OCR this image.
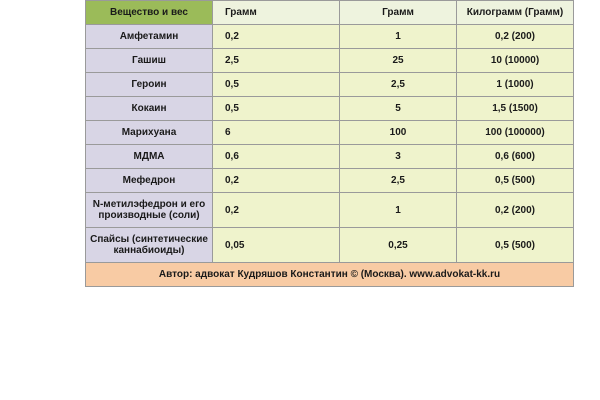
Вещество и вес	Грамм	Грамм	Килограмм (Грамм)
Амфетамин	0,2	1	0,2 (200)
Гашиш	2,5	25	10 (10000)
Героин	0,5	2,5	1 (1000)
Кокаин	0,5	5	1,5 (1500)
Марихуана	6	100	100 (100000)
МДМА	0,6	3	0,6 (600)
Мефедрон	0,2	2,5	0,5 (500)
N-метилэфедрон и его производные (соли)	0,2	1	0,2 (200)
Спайсы (синтетические каннабиоиды)	0,05	0,25	0,5 (500)
Автор: адвокат Кудряшов Константин © (Москва). www.advokat-kk.ru			
